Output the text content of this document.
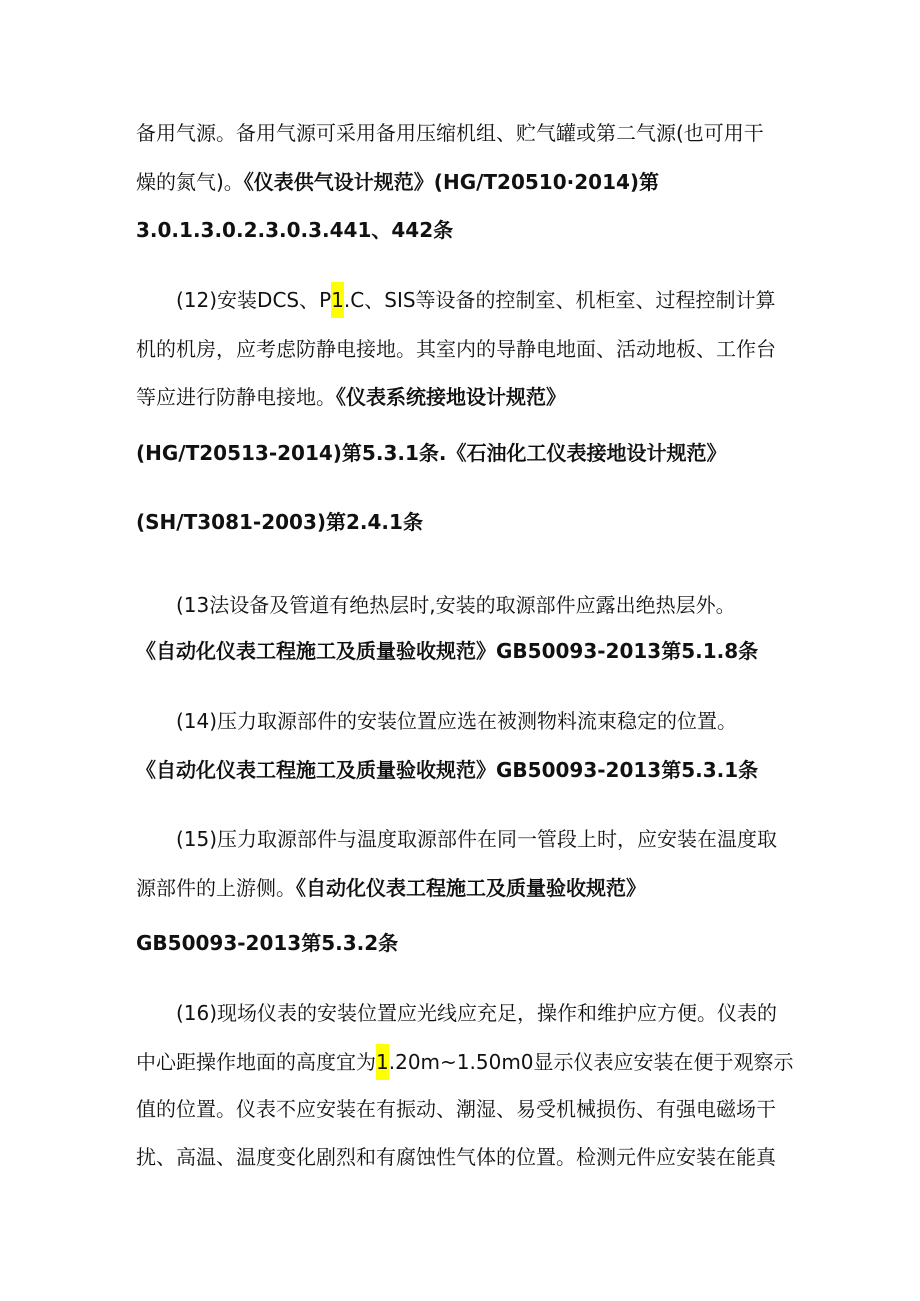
备用气源。备用气源可采用备用压缩机组、贮气罐或第二气源(也可用干

燥的氮气)。《仪表供气设计规范》(HG/T20510·2014)第

3.0.1.3.0.2.3.0.3.441、442条

(12)安装DCS、P1.C、SIS等设备的控制室、机柜室、过程控制计算

机的机房，应考虑防静电接地。其室内的导静电地面、活动地板、工作台

等应进行防静电接地。《仪表系统接地设计规范》

(HG/T20513-2014)第5.3.1条.《石油化工仪表接地设计规范》

(SH/T3081-2003)第2.4.1条

(13法设备及管道有绝热层时,安装的取源部件应露出绝热层外。

《自动化仪表工程施工及质量验收规范》GB50093-2013第5.1.8条

(14)压力取源部件的安装位置应选在被测物料流束稳定的位置。

《自动化仪表工程施工及质量验收规范》GB50093-2013第5.3.1条

(15)压力取源部件与温度取源部件在同一管段上时，应安装在温度取

源部件的上游侧。《自动化仪表工程施工及质量验收规范》

GB50093-2013第5.3.2条

(16)现场仪表的安装位置应光线应充足，操作和维护应方便。仪表的

中心距操作地面的高度宜为1.20m~1.50m0显示仪表应安装在便于观察示

值的位置。仪表不应安装在有振动、潮湿、易受机械损伤、有强电磁场干

扰、高温、温度变化剧烈和有腐蚀性气体的位置。检测元件应安装在能真
